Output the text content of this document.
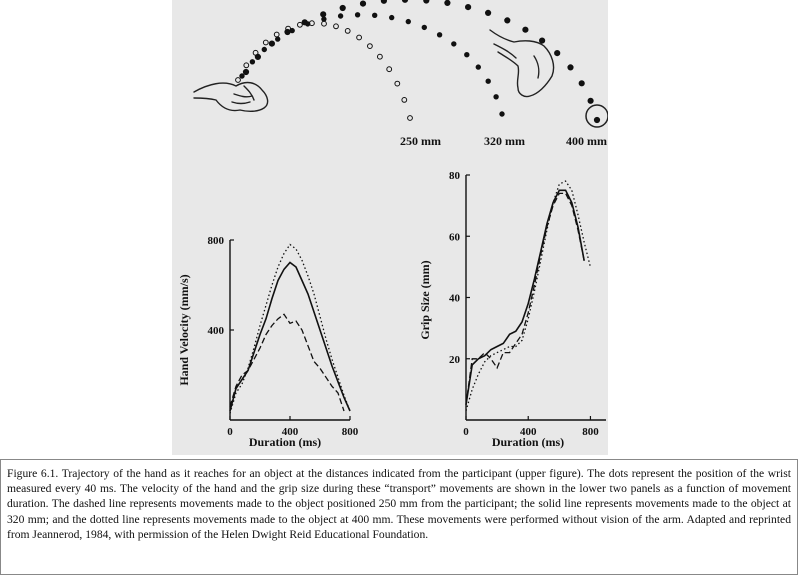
250 mm	320 mm	400 mm
0	400	800
400
800
Duration (ms)
Hand Velocity (mm/s)
0	400	800
20
40
60
80
Duration (ms)
Grip Size (mm)

Figure 6.1. Trajectory of the hand as it reaches for an object at the distances indicated from the participant (upper figure). The dots represent the position of the wrist measured every 40 ms. The velocity of the hand and the grip size during these “transport” movements are shown in the lower two panels as a function of movement duration. The dashed line represents movements made to the object positioned 250 mm from the participant; the solid line represents movements made to the object at 320 mm; and the dotted line represents movements made to the object at 400 mm. These movements were performed without vision of the arm. Adapted and reprinted from Jeannerod, 1984, with permission of the Helen Dwight Reid Educational Foundation.
